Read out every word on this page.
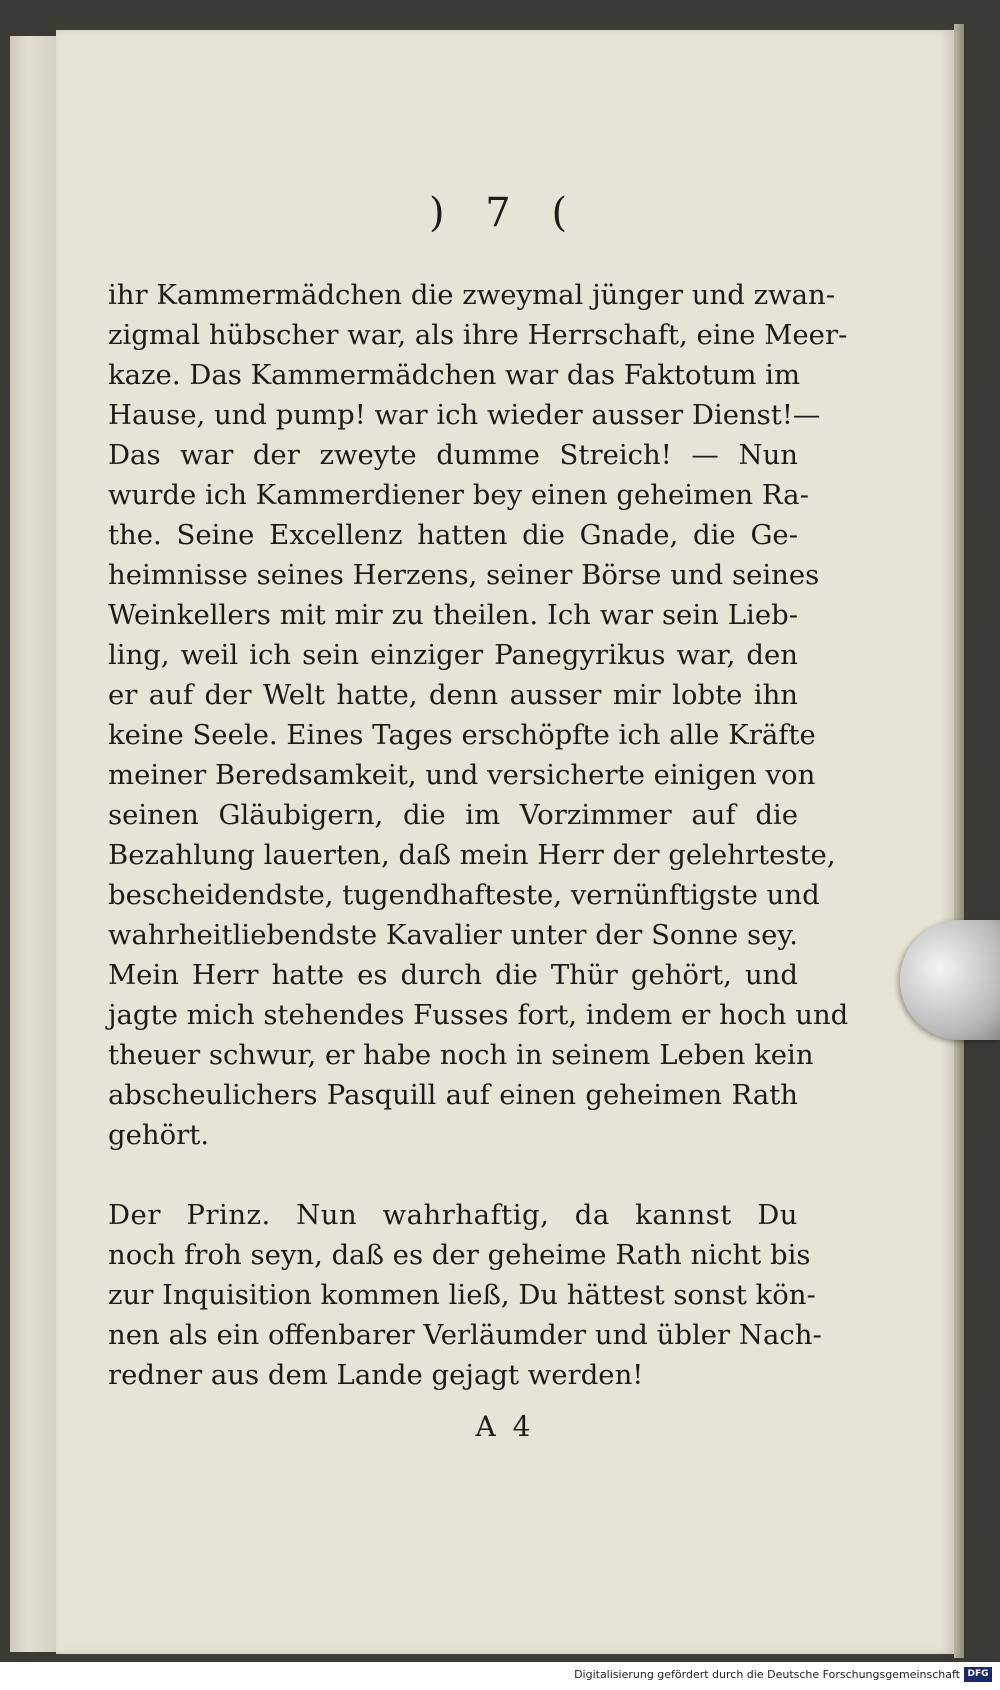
) 7 (
ihr Kammermädchen die zweymal jünger und zwan-
zigmal hübscher war, als ihre Herrschaft, eine Meer-
kaze. Das Kammermädchen war das Faktotum im
Hause, und pump! war ich wieder ausser Dienst!—
Das war der zweyte dumme Streich! — Nun
wurde ich Kammerdiener bey einen geheimen Ra-
the. Seine Excellenz hatten die Gnade, die Ge-
heimnisse seines Herzens, seiner Börse und seines
Weinkellers mit mir zu theilen. Ich war sein Lieb-
ling, weil ich sein einziger Panegyrikus war, den
er auf der Welt hatte, denn ausser mir lobte ihn
keine Seele. Eines Tages erschöpfte ich alle Kräfte
meiner Beredsamkeit, und versicherte einigen von
seinen Gläubigern, die im Vorzimmer auf die
Bezahlung lauerten, daß mein Herr der gelehrteste,
bescheidendste, tugendhafteste, vernünftigste und
wahrheitliebendste Kavalier unter der Sonne sey.
Mein Herr hatte es durch die Thür gehört, und
jagte mich stehendes Fusses fort, indem er hoch und
theuer schwur, er habe noch in seinem Leben kein
abscheulichers Pasquill auf einen geheimen Rath
gehört.
Der Prinz. Nun wahrhaftig, da kannst Du
noch froh seyn, daß es der geheime Rath nicht bis
zur Inquisition kommen ließ, Du hättest sonst kön-
nen als ein offenbarer Verläumder und übler Nach-
redner aus dem Lande gejagt werden!
A 4
Digitalisierung gefördert durch die Deutsche Forschungsgemeinschaft DFG
